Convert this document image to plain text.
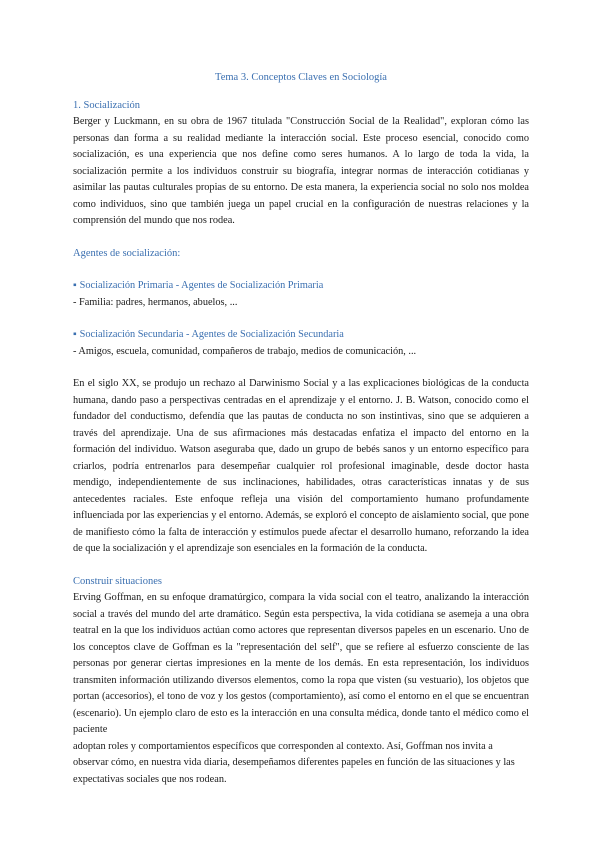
Tema 3. Conceptos Claves en Sociología

1. Socialización

Berger y Luckmann, en su obra de 1967 titulada "Construcción Social de la Realidad", exploran cómo las personas dan forma a su realidad mediante la interacción social. Este proceso esencial, conocido como socialización, es una experiencia que nos define como seres humanos. A lo largo de toda la vida, la socialización permite a los individuos construir su biografía, integrar normas de interacción cotidianas y asimilar las pautas culturales propias de su entorno. De esta manera, la experiencia social no solo nos moldea como individuos, sino que también juega un papel crucial en la configuración de nuestras relaciones y la comprensión del mundo que nos rodea.

Agentes de socialización:

▪ Socialización Primaria - Agentes de Socialización Primaria

- Familia: padres, hermanos, abuelos, ...

▪ Socialización Secundaria - Agentes de Socialización Secundaria

- Amigos, escuela, comunidad, compañeros de trabajo, medios de comunicación, ...

En el siglo XX, se produjo un rechazo al Darwinismo Social y a las explicaciones biológicas de la conducta humana, dando paso a perspectivas centradas en el aprendizaje y el entorno. J. B. Watson, conocido como el fundador del conductismo, defendía que las pautas de conducta no son instintivas, sino que se adquieren a través del aprendizaje. Una de sus afirmaciones más destacadas enfatiza el impacto del entorno en la formación del individuo. Watson aseguraba que, dado un grupo de bebés sanos y un entorno específico para criarlos, podría entrenarlos para desempeñar cualquier rol profesional imaginable, desde doctor hasta mendigo, independientemente de sus inclinaciones, habilidades, otras características innatas y de sus antecedentes raciales. Este enfoque refleja una visión del comportamiento humano profundamente influenciada por las experiencias y el entorno. Además, se exploró el concepto de aislamiento social, que pone de manifiesto cómo la falta de interacción y estímulos puede afectar el desarrollo humano, reforzando la idea de que la socialización y el aprendizaje son esenciales en la formación de la conducta.

Construir situaciones

Erving Goffman, en su enfoque dramatúrgico, compara la vida social con el teatro, analizando la interacción social a través del mundo del arte dramático. Según esta perspectiva, la vida cotidiana se asemeja a una obra teatral en la que los individuos actúan como actores que representan diversos papeles en un escenario. Uno de los conceptos clave de Goffman es la "representación del self", que se refiere al esfuerzo consciente de las personas por generar ciertas impresiones en la mente de los demás. En esta representación, los individuos transmiten información utilizando diversos elementos, como la ropa que visten (su vestuario), los objetos que portan (accesorios), el tono de voz y los gestos (comportamiento), así como el entorno en el que se encuentran (escenario). Un ejemplo claro de esto es la interacción en una consulta médica, donde tanto el médico como el paciente

adoptan roles y comportamientos específicos que corresponden al contexto. Así, Goffman nos invita a observar cómo, en nuestra vida diaria, desempeñamos diferentes papeles en función de las situaciones y las expectativas sociales que nos rodean.
